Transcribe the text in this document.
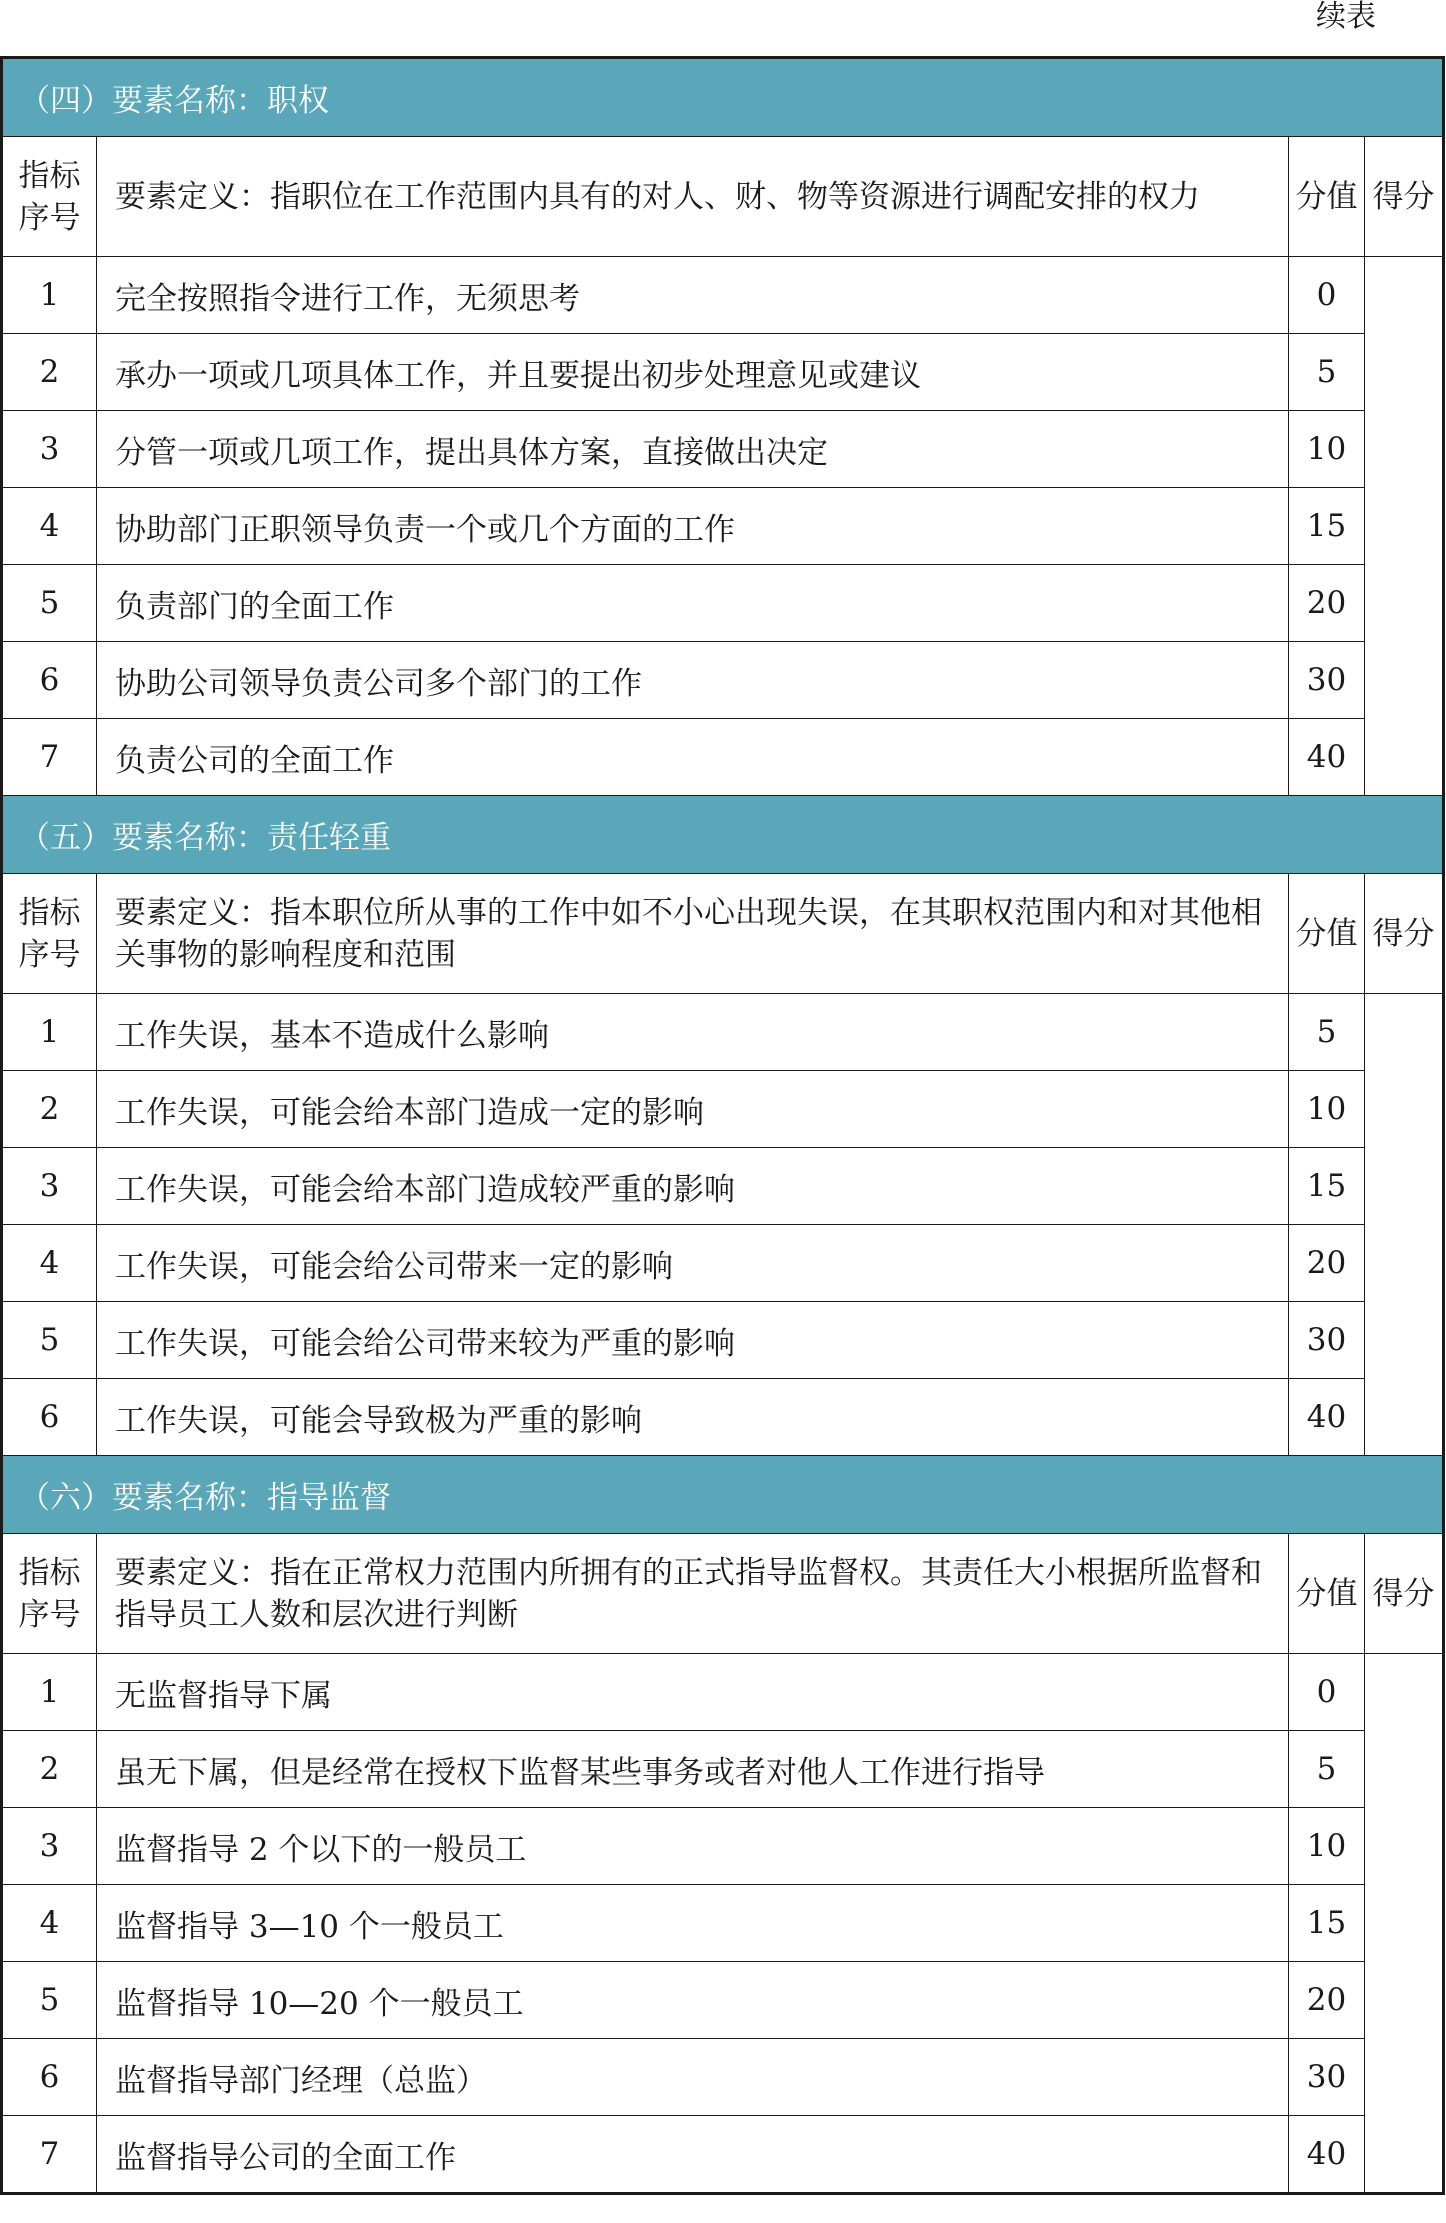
续表
（四）要素名称：职权			
指标序号	要素定义：指职位在工作范围内具有的对人、财、物等资源进行调配安排的权力	分值	得分
1	完全按照指令进行工作，无须思考	0	
2	承办一项或几项具体工作，并且要提出初步处理意见或建议	5	
3	分管一项或几项工作，提出具体方案，直接做出决定	10	
4	协助部门正职领导负责一个或几个方面的工作	15	
5	负责部门的全面工作	20	
6	协助公司领导负责公司多个部门的工作	30	
7	负责公司的全面工作	40	
（五）要素名称：责任轻重			
指标序号	要素定义：指本职位所从事的工作中如不小心出现失误，在其职权范围内和对其他相关事物的影响程度和范围	分值	得分
1	工作失误，基本不造成什么影响	5	
2	工作失误，可能会给本部门造成一定的影响	10	
3	工作失误，可能会给本部门造成较严重的影响	15	
4	工作失误，可能会给公司带来一定的影响	20	
5	工作失误，可能会给公司带来较为严重的影响	30	
6	工作失误，可能会导致极为严重的影响	40	
（六）要素名称：指导监督			
指标序号	要素定义：指在正常权力范围内所拥有的正式指导监督权。其责任大小根据所监督和指导员工人数和层次进行判断	分值	得分
1	无监督指导下属	0	
2	虽无下属，但是经常在授权下监督某些事务或者对他人工作进行指导	5	
3	监督指导 2 个以下的一般员工	10	
4	监督指导 3—10 个一般员工	15	
5	监督指导 10—20 个一般员工	20	
6	监督指导部门经理（总监）	30	
7	监督指导公司的全面工作	40	
